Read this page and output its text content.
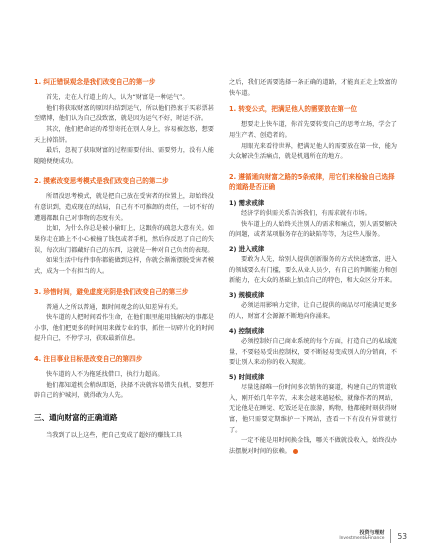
1. 纠正错误观念是我们改变自己的第一步

首先，走在人行道上的人，认为“财富是一种运气”。

他们将获取财富的原因归结到运气，所以他们热衷于买彩票甚至赌博，他们认为自己没致富，就是因为运气不好，时运不济。

其次，他们把命运的希望寄托在别人身上，容易被忽悠，想要天上掉馅饼。

最后，忽视了获取财富的过程需要付出、需要努力，没有人能随随便便成功。

2. 摸索改变思考模式是我们改变自己的第二步

所谓没思考模式，就是把自己放在受害者的位置上，却始终没有意识到，造成现在的结局，自己有不可推卸的责任，一切不好的遭遇都跟自己对事物的态度有关。

比如，为什么你总是被小偷盯上，这跟你的疏忽大意有关。如果你走在路上不小心被撞了钱包或者手机，然后你反思了自己的失误，每次出门都藏好自己的东西，这就是一种对自己负责的表现。

如果生活中每件事你都能做到这样，你就会渐渐摆脱受害者模式，成为一个有担当的人。

3. 珍惜时间，避免虚度光阴是我们改变自己的第三步

普通人之所以普通，跟时间观念的认知差异有关。

快车道的人把时间看作生命，在他们眼里能用钱解决的事都是小事，他们把更多的时间用来做专业的事，抓住一切碎片化的时间提升自己，不停学习，获取最新信息。

4. 注目事业目标是改变自己的第四步

快车道的人不为拖延找借口，执行力超高。

他们都知道机会稍纵即逝，抉择不决就容易错失良机，要想开辟自己的护城河，就得敢为人先。

三、通向财富的正确道路

当我到了以上这些，把自己变成了超好的赚钱工具

之后，我们还需要选择一条正确的道路，才能真正走上致富的快车道。

1. 转变公式，把满足他人的需要放在第一位

想要走上快车道，你首先要转变自己的思考立场，学会了用生产者、创造者的。

用眼光来看待世界，把满足他人的需要放在第一位，能为大众解决生活痛点，就是机遇所在的地方。

2. 遵循通向财富之路的5条戒律，用它们来检验自己选择的道路是否正确

1) 需求戒律

经济学的供需关系告诉我们，有需求就有市场。

快车道上的人始终关注别人的需求和痛点，别人需要解决的问题，或者某项服务存在的缺陷等等，为这些人服务。

2) 进入戒律

要敢为人先，给别人提供创新服务的方式快速致富，进入的领域要么有门槛，要么从业人员少，有自己的判断能力和创新能力，在大众的基础上加点自己的特色，和大众区分开来。

3) 规模戒律

必须运用影响力定律，让自己提供的商品尽可能满足更多的人，财富才会源源不断地向你涌来。

4) 控制戒律

必须控制好自己商业系统的每个方面，打造自己的私域流量，不要轻易受出控制权，要不断轻易变成别人的分销商，不要让别人来动你的收入现流。

5) 时间戒律

尽量选择唯一份时间多次销售的赛道，构建自己的管道收入，刚开始几年辛苦，未来会越来越轻松，就像作者的网站，无论他是在睡觉、吃饭还是在旅游，购物，他都能时刻获得财富，他只需要定期维护一下网站，查看一下有没有异常就行了。

一定不能是用时间换金钱，哪关不做就没收入，始终没办法摆脱对时间的依赖。

投资与理财
Investment&Finance 53
